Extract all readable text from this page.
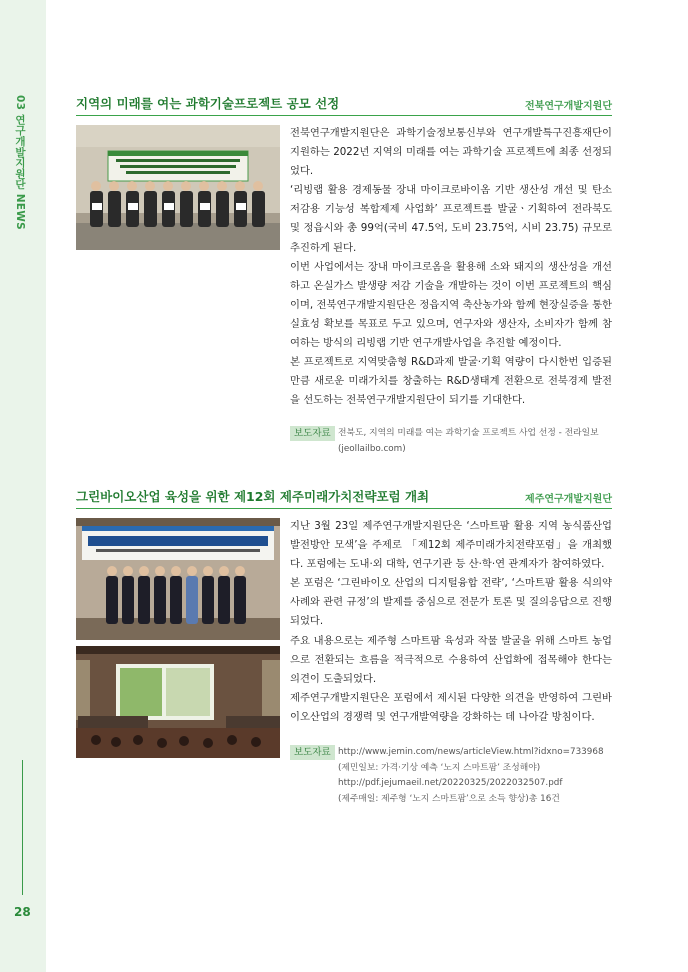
03 연구개발지원단 NEWS
28
지역의 미래를 여는 과학기술프로젝트 공모 선정	전북연구개발지원단

전북연구개발지원단은 과학기술정보통신부와 연구개발특구진흥재단이 지원하는 2022년 지역의 미래를 여는 과학기술 프로젝트에 최종 선정되었다.

‘리빙랩 활용 경제동물 장내 마이크로바이옴 기반 생산성 개선 및 탄소 저감용 기능성 복합제제 사업화’ 프로젝트를 발굴ㆍ기획하여 전라북도 및 정읍시와 총 99억(국비 47.5억, 도비 23.75억, 시비 23.75) 규모로 추진하게 된다.

이번 사업에서는 장내 마이크로옴을 활용해 소와 돼지의 생산성을 개선하고 온실가스 발생량 저감 기술을 개발하는 것이 이번 프로젝트의 핵심이며, 전북연구개발지원단은 정읍지역 축산농가와 함께 현장실증을 통한 실효성 확보를 목표로 두고 있으며, 연구자와 생산자, 소비자가 함께 참여하는 방식의 리빙랩 기반 연구개발사업을 추진할 예정이다.

본 프로젝트로 지역맞춤형 R&D과제 발굴·기획 역량이 다시한번 입증된만큼 새로운 미래가치를 창출하는 R&D생태계 전환으로 전북경제 발전을 선도하는 전북연구개발지원단이 되기를 기대한다.

보도자료 전북도, 지역의 미래를 여는 과학기술 프로젝트 사업 선정 - 전라일보
(jeollailbo.com)
그린바이오산업 육성을 위한 제12회 제주미래가치전략포럼 개최	제주연구개발지원단

지난 3월 23일 제주연구개발지원단은 ‘스마트팜 활용 지역 농식품산업 발전방안 모색’을 주제로 「제12회 제주미래가치전략포럼」을 개최했다. 포럼에는 도내·외 대학, 연구기관 등 산·학·연 관계자가 참여하였다.

본 포럼은 ‘그린바이오 산업의 디지털융합 전략’, ‘스마트팜 활용 식의약 사례와 관련 규정’의 발제를 중심으로 전문가 토론 및 질의응답으로 진행되었다.

주요 내용으로는 제주형 스마트팜 육성과 작물 발굴을 위해 스마트 농업으로 전환되는 흐름을 적극적으로 수용하여 산업화에 접목해야 한다는 의견이 도출되었다.

제주연구개발지원단은 포럼에서 제시된 다양한 의견을 반영하여 그린바이오산업의 경쟁력 및 연구개발역량을 강화하는 데 나아갈 방침이다.

보도자료 http://www.jemin.com/news/articleView.html?idxno=733968
(제민일보: 가격·기상 예측 ‘노지 스마트팜’ 조성해야)
http://pdf.jejumaeil.net/20220325/20220325​07.pdf
(제주매일: 제주형 ‘노지 스마트팜’으로 소득 향상)총 16건
